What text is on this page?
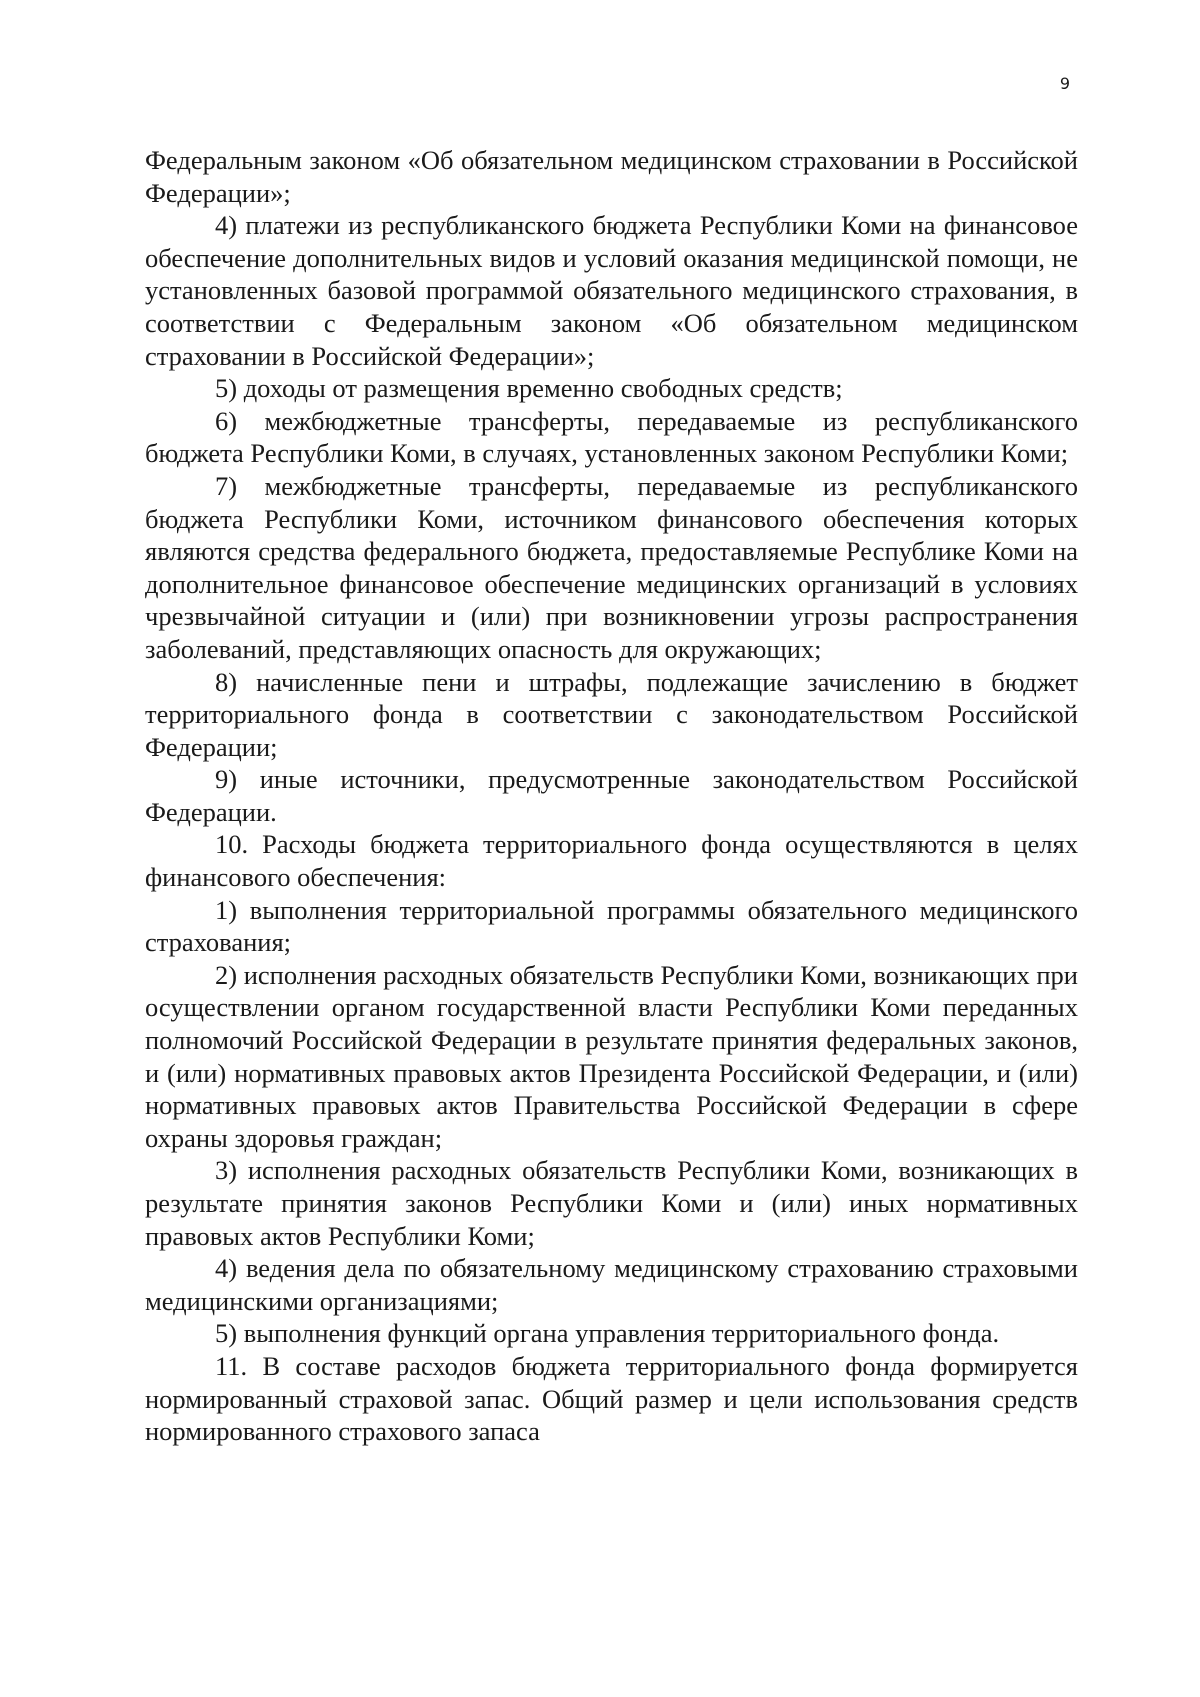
9

Федеральным законом «Об обязательном медицинском страховании в Российской Федерации»;

4) платежи из республиканского бюджета Республики Коми на финансовое обеспечение дополнительных видов и условий оказания медицинской помощи, не установленных базовой программой обязательного медицинского страхования, в соответствии с Федеральным законом «Об обязательном медицинском страховании в Российской Федерации»;

5) доходы от размещения временно свободных средств;

6) межбюджетные трансферты, передаваемые из республиканского бюджета Республики Коми, в случаях, установленных законом Республики Коми;

7) межбюджетные трансферты, передаваемые из республиканского бюджета Республики Коми, источником финансового обеспечения которых являются средства федерального бюджета, предоставляемые Республике Коми на дополнительное финансовое обеспечение медицинских организаций в условиях чрезвычайной ситуации и (или) при возникновении угрозы распространения заболеваний, представляющих опасность для окружающих;

8) начисленные пени и штрафы, подлежащие зачислению в бюджет территориального фонда в соответствии с законодательством Российской Федерации;

9) иные источники, предусмотренные законодательством Российской Федерации.

10. Расходы бюджета территориального фонда осуществляются в целях финансового обеспечения:

1) выполнения территориальной программы обязательного медицинского страхования;

2) исполнения расходных обязательств Республики Коми, возникающих при осуществлении органом государственной власти Республики Коми переданных полномочий Российской Федерации в результате принятия федеральных законов, и (или) нормативных правовых актов Президента Российской Федерации, и (или) нормативных правовых актов Правительства Российской Федерации в сфере охраны здоровья граждан;

3) исполнения расходных обязательств Республики Коми, возникающих в результате принятия законов Республики Коми и (или) иных нормативных правовых актов Республики Коми;

4) ведения дела по обязательному медицинскому страхованию страховыми медицинскими организациями;

5) выполнения функций органа управления территориального фонда.

11. В составе расходов бюджета территориального фонда формируется нормированный страховой запас. Общий размер и цели использования средств нормированного страхового запаса
